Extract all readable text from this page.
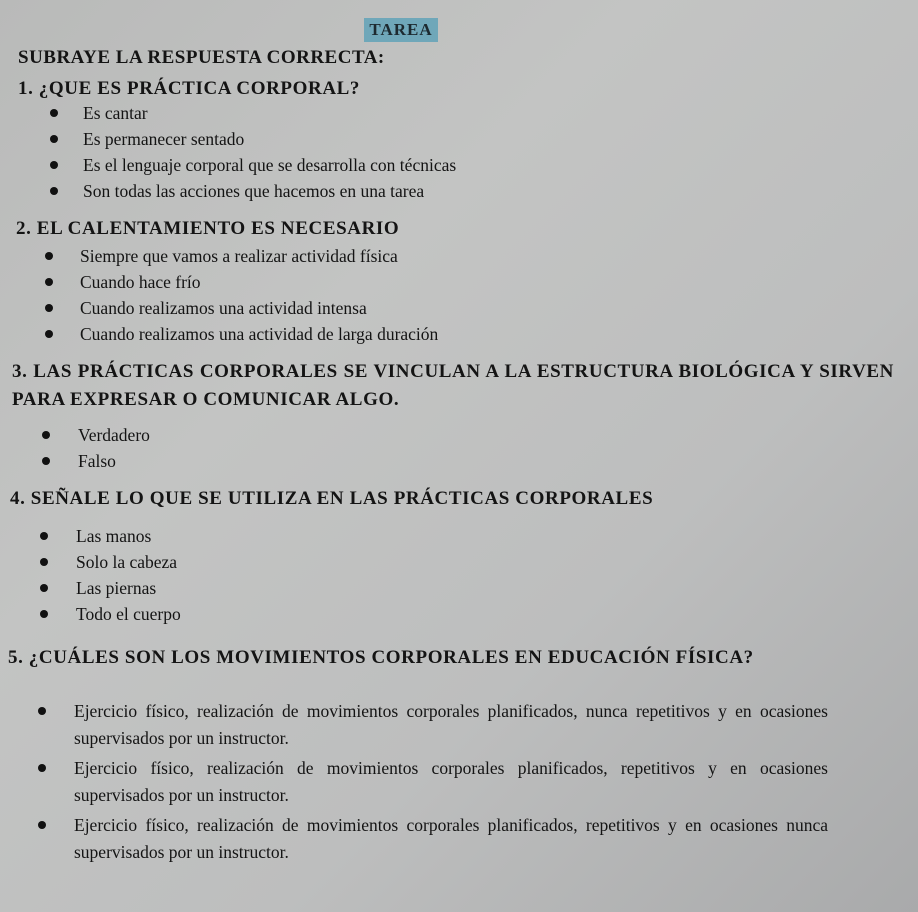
TAREA
SUBRAYE LA RESPUESTA CORRECTA:
1. ¿QUE ES PRÁCTICA CORPORAL?
Es cantar
Es permanecer sentado
Es el lenguaje corporal que se desarrolla con técnicas
Son todas las acciones que hacemos en una tarea
2. EL CALENTAMIENTO ES NECESARIO
Siempre que vamos a realizar actividad física
Cuando hace frío
Cuando realizamos una actividad intensa
Cuando realizamos una actividad de larga duración
3. LAS PRÁCTICAS CORPORALES SE VINCULAN A LA ESTRUCTURA BIOLÓGICA Y SIRVEN PARA EXPRESAR O COMUNICAR ALGO.
Verdadero
Falso
4. SEÑALE LO QUE SE UTILIZA EN LAS PRÁCTICAS CORPORALES
Las manos
Solo la cabeza
Las piernas
Todo el cuerpo
5. ¿CUÁLES SON LOS MOVIMIENTOS CORPORALES EN EDUCACIÓN FÍSICA?
Ejercicio físico, realización de movimientos corporales planificados, nunca repetitivos y en ocasiones supervisados por un instructor.
Ejercicio físico, realización de movimientos corporales planificados, repetitivos y en ocasiones supervisados por un instructor.
Ejercicio físico, realización de movimientos corporales planificados, repetitivos y en ocasiones nunca supervisados por un instructor.
